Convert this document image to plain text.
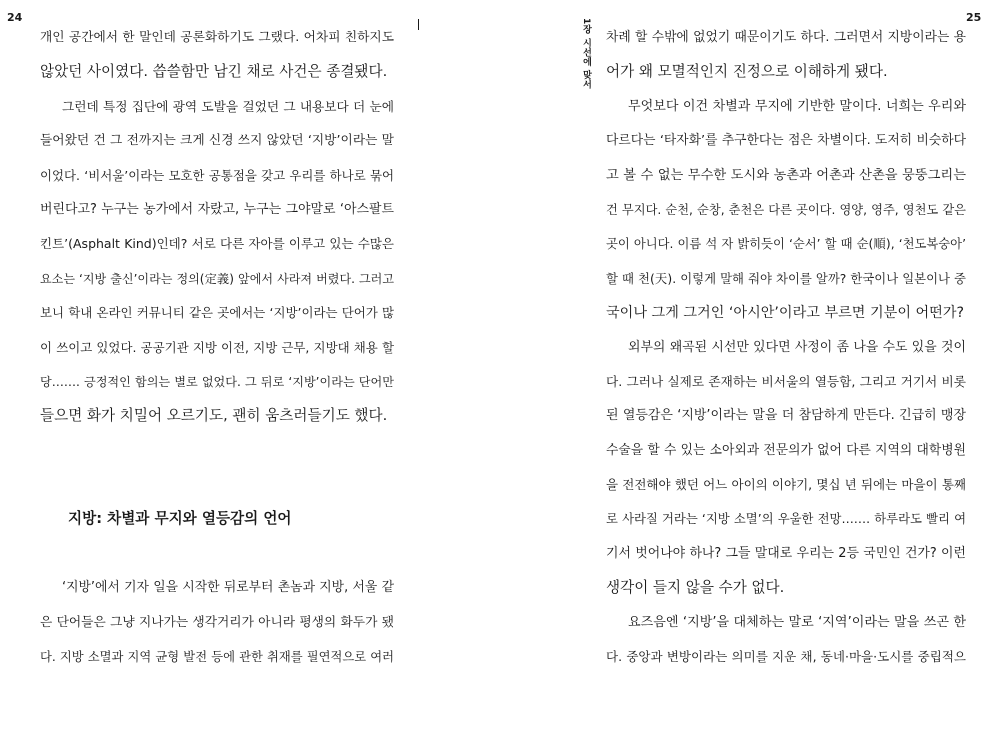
24
개인 공간에서 한 말인데 공론화하기도 그랬다. 어차피 친하지도
않았던 사이였다. 씁쓸함만 남긴 채로 사건은 종결됐다.
그런데 특정 집단에 광역 도발을 걸었던 그 내용보다 더 눈에
들어왔던 건 그 전까지는 크게 신경 쓰지 않았던 ‘지방’이라는 말
이었다. ‘비서울’이라는 모호한 공통점을 갖고 우리를 하나로 묶어
버린다고? 누구는 농가에서 자랐고, 누구는 그야말로 ‘아스팔트
킨트’(Asphalt Kind)인데? 서로 다른 자아를 이루고 있는 수많은
요소는 ‘지방 출신’이라는 정의(定義) 앞에서 사라져 버렸다. 그러고
보니 학내 온라인 커뮤니티 같은 곳에서는 ‘지방’이라는 단어가 많
이 쓰이고 있었다. 공공기관 지방 이전, 지방 근무, 지방대 채용 할
당……. 긍정적인 함의는 별로 없었다. 그 뒤로 ‘지방’이라는 단어만
들으면 화가 치밀어 오르기도, 괜히 움츠러들기도 했다.
지방: 차별과 무지와 열등감의 언어
‘지방’에서 기자 일을 시작한 뒤로부터 촌놈과 지방, 서울 같
은 단어들은 그냥 지나가는 생각거리가 아니라 평생의 화두가 됐
다. 지방 소멸과 지역 균형 발전 등에 관한 취재를 필연적으로 여러
1장 시선에 맞서
25
차례 할 수밖에 없었기 때문이기도 하다. 그러면서 지방이라는 용
어가 왜 모멸적인지 진정으로 이해하게 됐다.
무엇보다 이건 차별과 무지에 기반한 말이다. 너희는 우리와
다르다는 ‘타자화’를 추구한다는 점은 차별이다. 도저히 비슷하다
고 볼 수 없는 무수한 도시와 농촌과 어촌과 산촌을 뭉뚱그리는
건 무지다. 순천, 순창, 춘천은 다른 곳이다. 영양, 영주, 영천도 같은
곳이 아니다. 이름 석 자 밝히듯이 ‘순서’ 할 때 순(順), ‘천도복숭아’
할 때 천(天). 이렇게 말해 줘야 차이를 알까? 한국이나 일본이나 중
국이나 그게 그거인 ‘아시안’이라고 부르면 기분이 어떤가?
외부의 왜곡된 시선만 있다면 사정이 좀 나을 수도 있을 것이
다. 그러나 실제로 존재하는 비서울의 열등함, 그리고 거기서 비롯
된 열등감은 ‘지방’이라는 말을 더 참담하게 만든다. 긴급히 맹장
수술을 할 수 있는 소아외과 전문의가 없어 다른 지역의 대학병원
을 전전해야 했던 어느 아이의 이야기, 몇십 년 뒤에는 마을이 통째
로 사라질 거라는 ‘지방 소멸’의 우울한 전망……. 하루라도 빨리 여
기서 벗어나야 하나? 그들 말대로 우리는 2등 국민인 건가? 이런
생각이 들지 않을 수가 없다.
요즈음엔 ‘지방’을 대체하는 말로 ‘지역’이라는 말을 쓰곤 한
다. 중앙과 변방이라는 의미를 지운 채, 동네·마을·도시를 중립적으
